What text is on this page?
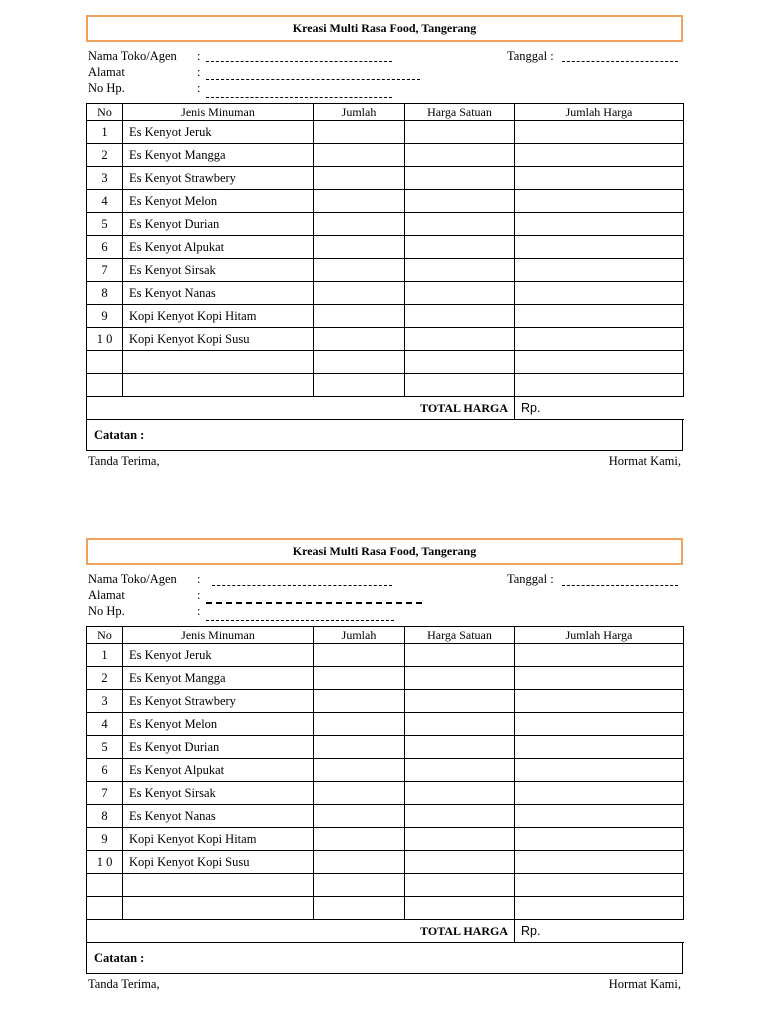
Kreasi Multi Rasa Food, Tangerang
Nama Toko/Agen :	Tanggal :
Alamat	:
No Hp.	:
No	Jenis Minuman	Jumlah	Harga Satuan	Jumlah Harga
1	Es Kenyot Jeruk			
2	Es Kenyot Mangga			
3	Es Kenyot Strawbery			
4	Es Kenyot Melon			
5	Es Kenyot Durian			
6	Es Kenyot Alpukat			
7	Es Kenyot Sirsak			
8	Es Kenyot Nanas			
9	Kopi Kenyot Kopi Hitam			
1 0	Kopi Kenyot Kopi Susu			

TOTAL HARGA				Rp.
Catatan :
Tanda Terima,	Hormat Kami,
Kreasi Multi Rasa Food, Tangerang
Nama Toko/Agen :	Tanggal :
Alamat	:
No Hp.	:
No	Jenis Minuman	Jumlah	Harga Satuan	Jumlah Harga
1	Es Kenyot Jeruk			
2	Es Kenyot Mangga			
3	Es Kenyot Strawbery			
4	Es Kenyot Melon			
5	Es Kenyot Durian			
6	Es Kenyot Alpukat			
7	Es Kenyot Sirsak			
8	Es Kenyot Nanas			
9	Kopi Kenyot Kopi Hitam			
1 0	Kopi Kenyot Kopi Susu			

TOTAL HARGA				Rp.
Catatan :
Tanda Terima,	Hormat Kami,
